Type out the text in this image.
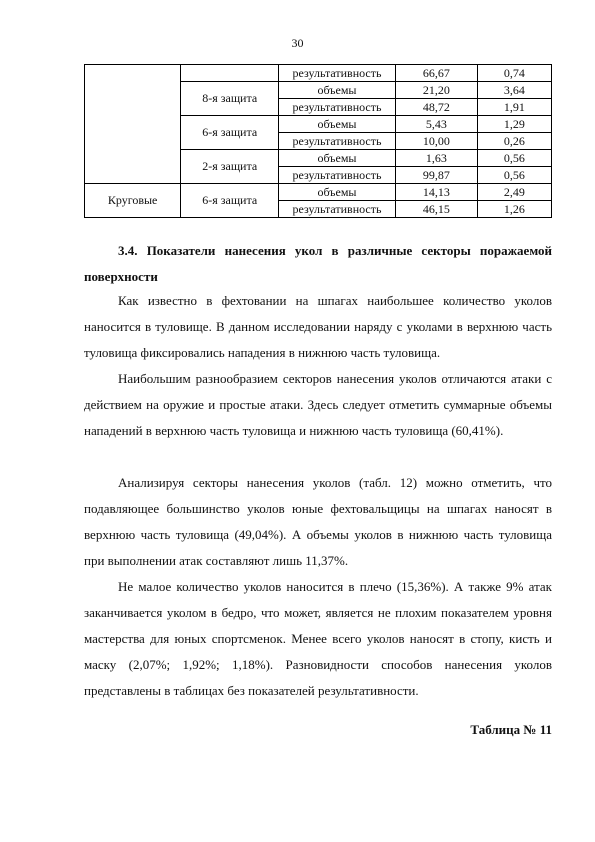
30
		результативность	66,67	0,74
	8-я защита	объемы	21,20	3,64
		результативность	48,72	1,91
	6-я защита	объемы	5,43	1,29
		результативность	10,00	0,26
	2-я защита	объемы	1,63	0,56
		результативность	99,87	0,56
Круговые	6-я защита	объемы	14,13	2,49
		результативность	46,15	1,26
3.4. Показатели нанесения укол в различные секторы поражаемой поверхности

Как известно в фехтовании на шпагах наибольшее количество уколов наносится в туловище. В данном исследовании наряду с уколами в верхнюю часть туловища фиксировались нападения в нижнюю часть туловища.

Наибольшим разнообразием секторов нанесения уколов отличаются атаки с действием на оружие и простые атаки. Здесь следует отметить суммарные объемы нападений в верхнюю часть туловища и нижнюю часть туловища (60,41%).

Анализируя секторы нанесения уколов (табл. 12) можно отметить, что подавляющее большинство уколов юные фехтовальщицы на шпагах наносят в верхнюю часть туловища (49,04%). А объемы уколов в нижнюю часть туловища при выполнении атак составляют лишь 11,37%.

Не малое количество уколов наносится в плечо (15,36%). А также 9% атак заканчивается уколом в бедро, что может, является не плохим показателем уровня мастерства для юных спортсменок. Менее всего уколов наносят в стопу, кисть и маску (2,07%; 1,92%; 1,18%). Разновидности способов нанесения уколов представлены в таблицах без показателей результативности.

Таблица № 11
